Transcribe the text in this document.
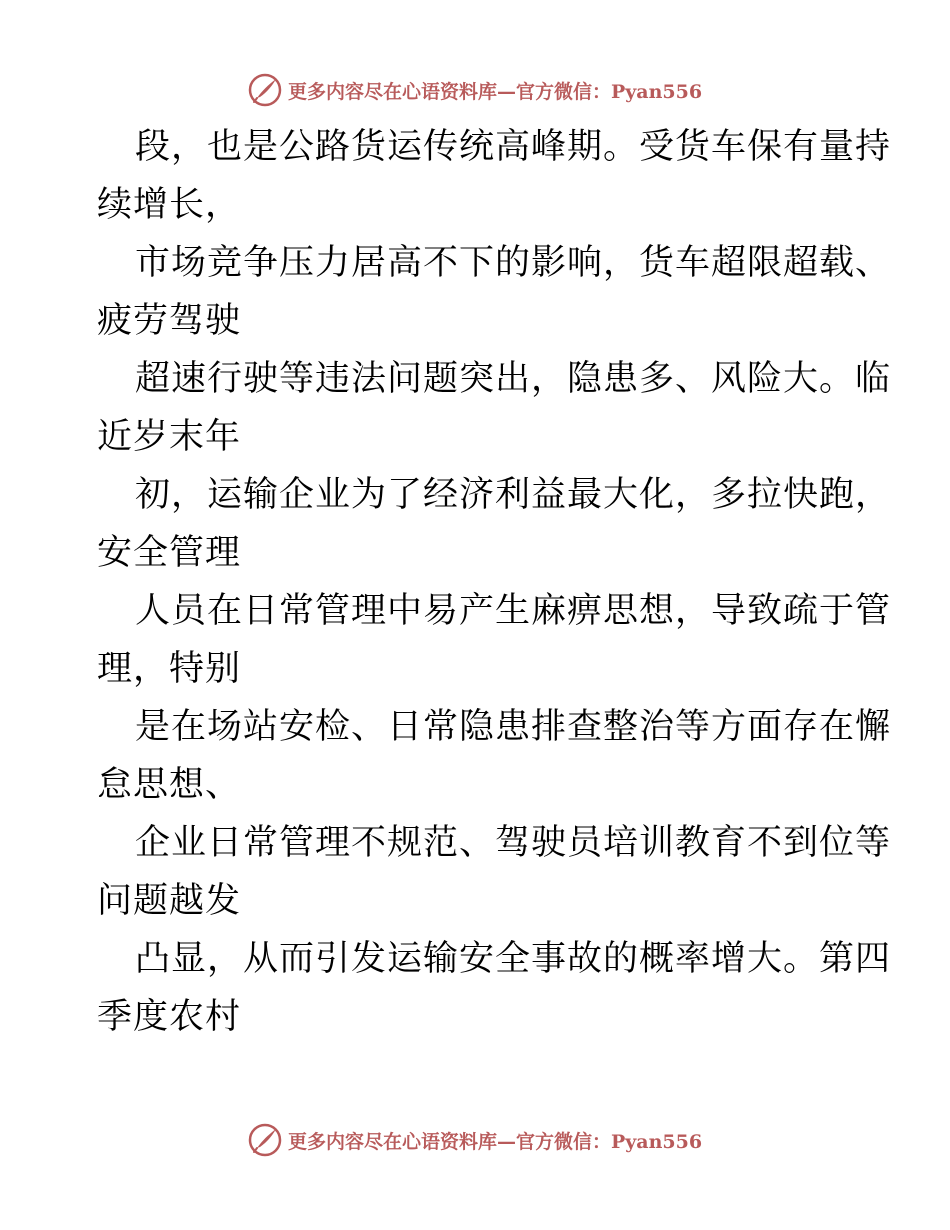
更多内容尽在心语资料库—官方微信：Pyan556
段，也是公路货运传统高峰期。受货车保有量持
续增长，
市场竞争压力居高不下的影响，货车超限超载、
疲劳驾驶
超速行驶等违法问题突出，隐患多、风险大。临
近岁末年
初，运输企业为了经济利益最大化，多拉快跑，
安全管理
人员在日常管理中易产生麻痹思想，导致疏于管
理，特别
是在场站安检、日常隐患排查整治等方面存在懈
怠思想、
企业日常管理不规范、驾驶员培训教育不到位等
问题越发
凸显，从而引发运输安全事故的概率增大。第四
季度农村
更多内容尽在心语资料库—官方微信：Pyan556
